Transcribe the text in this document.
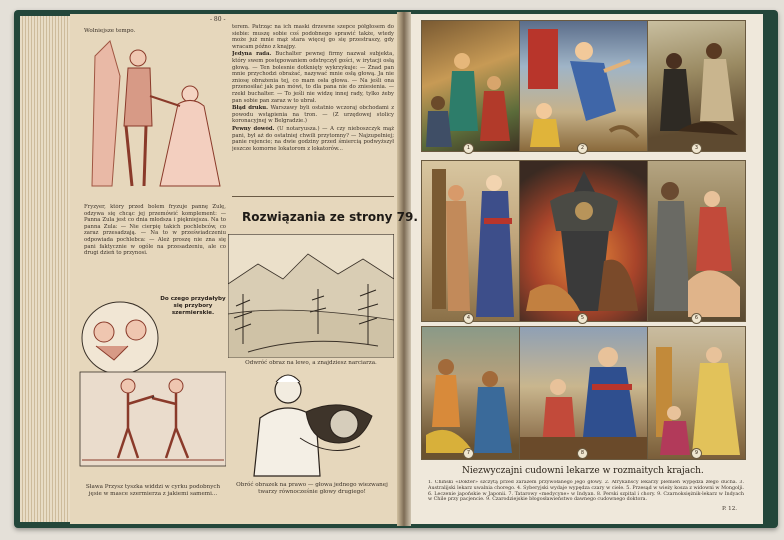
- 80 -
Wolniejsze tempo.

terem. Patrząc na ich maski drzewne szepce półgłosem do siebie: muszę sobie coś podobnego sprawić także, wtedy może już mnie mąż stara więcej go się przestraszy, gdy wracam późno z knajpy.

Jedyna rada. Buchalter pewnej firmy nazwał subjekta, który swem postępowaniem odstręczył gości, w irytacji osłą głową. — Ten bolesnie dotknięty wykrzykuje: — Znad pan mnie przychodzi obrażać, nazywać mnie osłą głową. Ja nie zniosę obrażenia tej, co mam osła głowa. — Na jeśli ona przenosiłać jak pan mówi, to dla pana nie do zniesienia. — rzekł buchalter. — To jeśli nie widzę innej rady, tylko żeby pan sobie pan zaraz w to ubrał.

Błąd druku. Warszawy byli ostatnio wczoraj obchodami z powodu wstąpienia na tron. — (Z urzędowej stolicy koronacyjnej w Belgradzie.)

Pewny dowód. (U notaryusza.) — A czy nieboszczyk mąż pani, był aż do ostatniej chwili przytomny? — Najzupełniej; panie rejencie; na dwie godziny przed śmiercią podwyższył jeszcze komorne lokatorom z lokatorów...

Fryzyer, który przed bolem fryzuje pannę Zulę, odzywa się chcąc jej przemówić komplement: — Panna Zula jest co dnia młodsza i piękniejsza. Na to panna Zula: — Nie cierpię takich pochlebców, co zaraz przesadzają. — Na to w przeświadczeniu odpowiada pochlebca: — Ależ proszę nie zna się pani faktycznie w ogóle na przesadzeniu, ale co drugi dzień to przynosi.

Rozwiązania ze strony 79.
Odwróć obraz na lewo, a znajdziesz narciarza.
Do czego przydałyby się przybory szermierskie.
Sława Przysz tyszka widdzi w cyrku podobnych jęsie w masce szermierza z jakiemi samemi...
Obróć obrazek na prawo — głowa jednego wiezwanej twarzy równocześnie głowy drugiego!
1	2	3
4	5	6
7	8	9
Niezwyczajni cudowni lekarze w rozmaitych krajach.

1. Chiński «Dokter» szczytą przed zarazem przywołanego jego głowy. 2. Afrykańscy lekarzy plemień wypędza złego ducha. 3. Australijski lekarz uwalnia chorego. 4. Syberyjski wydaje wypędza czary w ciele. 5. Przesąd w wieży kosza z widowni w Mongolji. 6. Leczenie japońskie w Japonii. 7. Tatarowy «medycyne» w Indyan. 8. Perski szpital i chory. 9. Czarnoksiężnik-lekarz w Indyach w Chile przy pacjencie. 9. Czarodziejskie błogosławieństwo dawnego cudownego doktora.

P. 12.
